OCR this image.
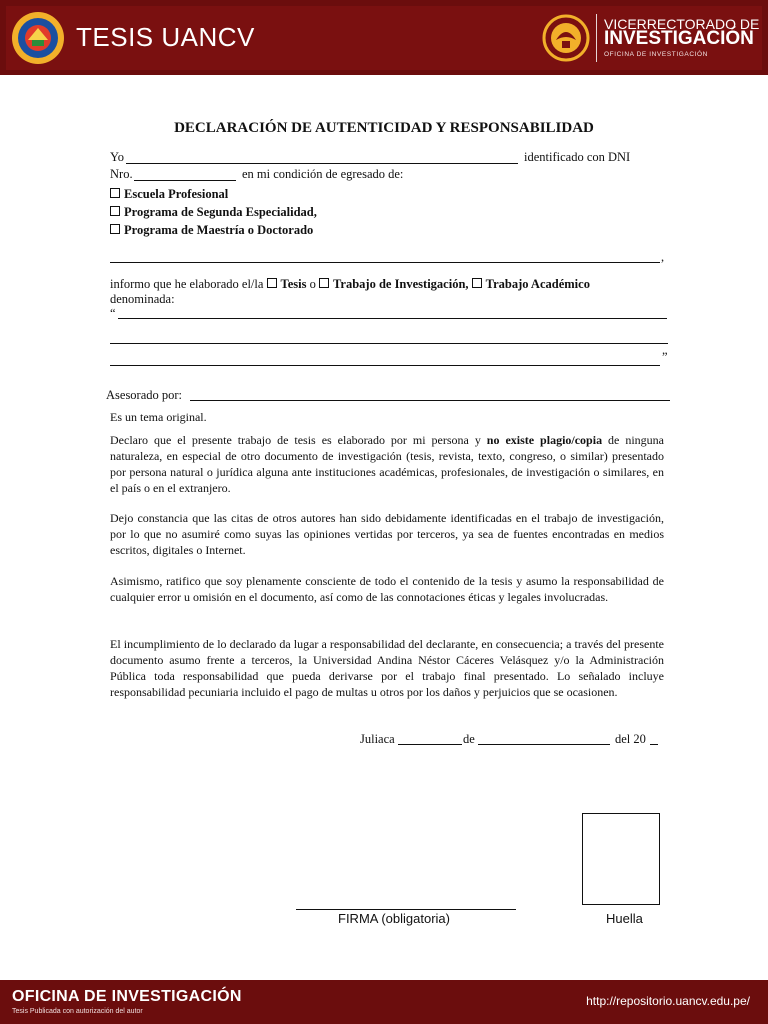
TESIS UANCV	VICERRECTORADO DE
INVESTIGACIÓN
OFICINA DE INVESTIGACIÓN
DECLARACIÓN DE AUTENTICIDAD Y RESPONSABILIDAD
Yo	identificado con DNI
Nro.	en mi condición de egresado de:
Escuela Profesional
Programa de Segunda Especialidad,
Programa de Maestría o Doctorado
,
informo que he elaborado el/la Tesis o Trabajo de Investigación, Trabajo Académico
denominada:
“
”
Asesorado por:
Es un tema original.
Declaro que el presente trabajo de tesis es elaborado por mi persona y no existe plagio/copia de ninguna naturaleza, en especial de otro documento de investigación (tesis, revista, texto, congreso, o similar) presentado por persona natural o jurídica alguna ante instituciones académicas, profesionales, de investigación o similares, en el país o en el extranjero.
Dejo constancia que las citas de otros autores han sido debidamente identificadas en el trabajo de investigación, por lo que no asumiré como suyas las opiniones vertidas por terceros, ya sea de fuentes encontradas en medios escritos, digitales o Internet.
Asimismo, ratifico que soy plenamente consciente de todo el contenido de la tesis y asumo la responsabilidad de cualquier error u omisión en el documento, así como de las connotaciones éticas y legales involucradas.
El incumplimiento de lo declarado da lugar a responsabilidad del declarante, en consecuencia; a través del presente documento asumo frente a terceros, la Universidad Andina Néstor Cáceres Velásquez y/o la Administración Pública toda responsabilidad que pueda derivarse por el trabajo final presentado. Lo señalado incluye responsabilidad pecuniaria incluido el pago de multas u otros por los daños y perjuicios que se ocasionen.
Juliaca	de	del 20
FIRMA (obligatoria)	Huella
OFICINA DE INVESTIGACIÓN
Tesis Publicada con autorización del autor
http://repositorio.uancv.edu.pe/
